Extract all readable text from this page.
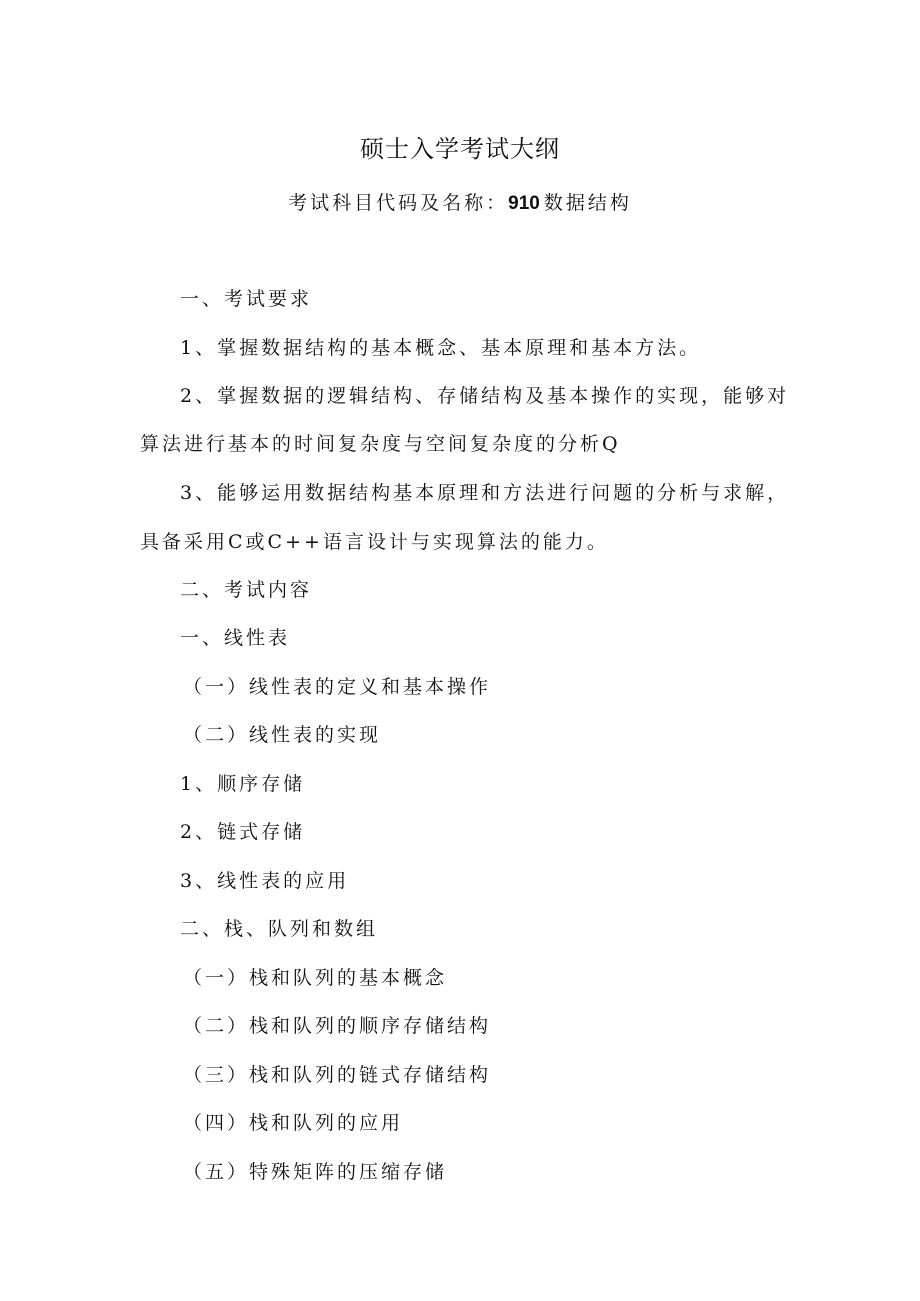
硕士入学考试大纲
考试科目代码及名称：910 数据结构
一、考试要求
1、掌握数据结构的基本概念、基本原理和基本方法。
2、掌握数据的逻辑结构、存储结构及基本操作的实现，能够对
算法进行基本的时间复杂度与空间复杂度的分析Q
3、能够运用数据结构基本原理和方法进行问题的分析与求解，
具备采用C或C++语言设计与实现算法的能力。
二、考试内容
一、线性表
（一）线性表的定义和基本操作
（二）线性表的实现
1、顺序存储
2、链式存储
3、线性表的应用
二、栈、队列和数组
（一）栈和队列的基本概念
（二）栈和队列的顺序存储结构
（三）栈和队列的链式存储结构
（四）栈和队列的应用
（五）特殊矩阵的压缩存储
